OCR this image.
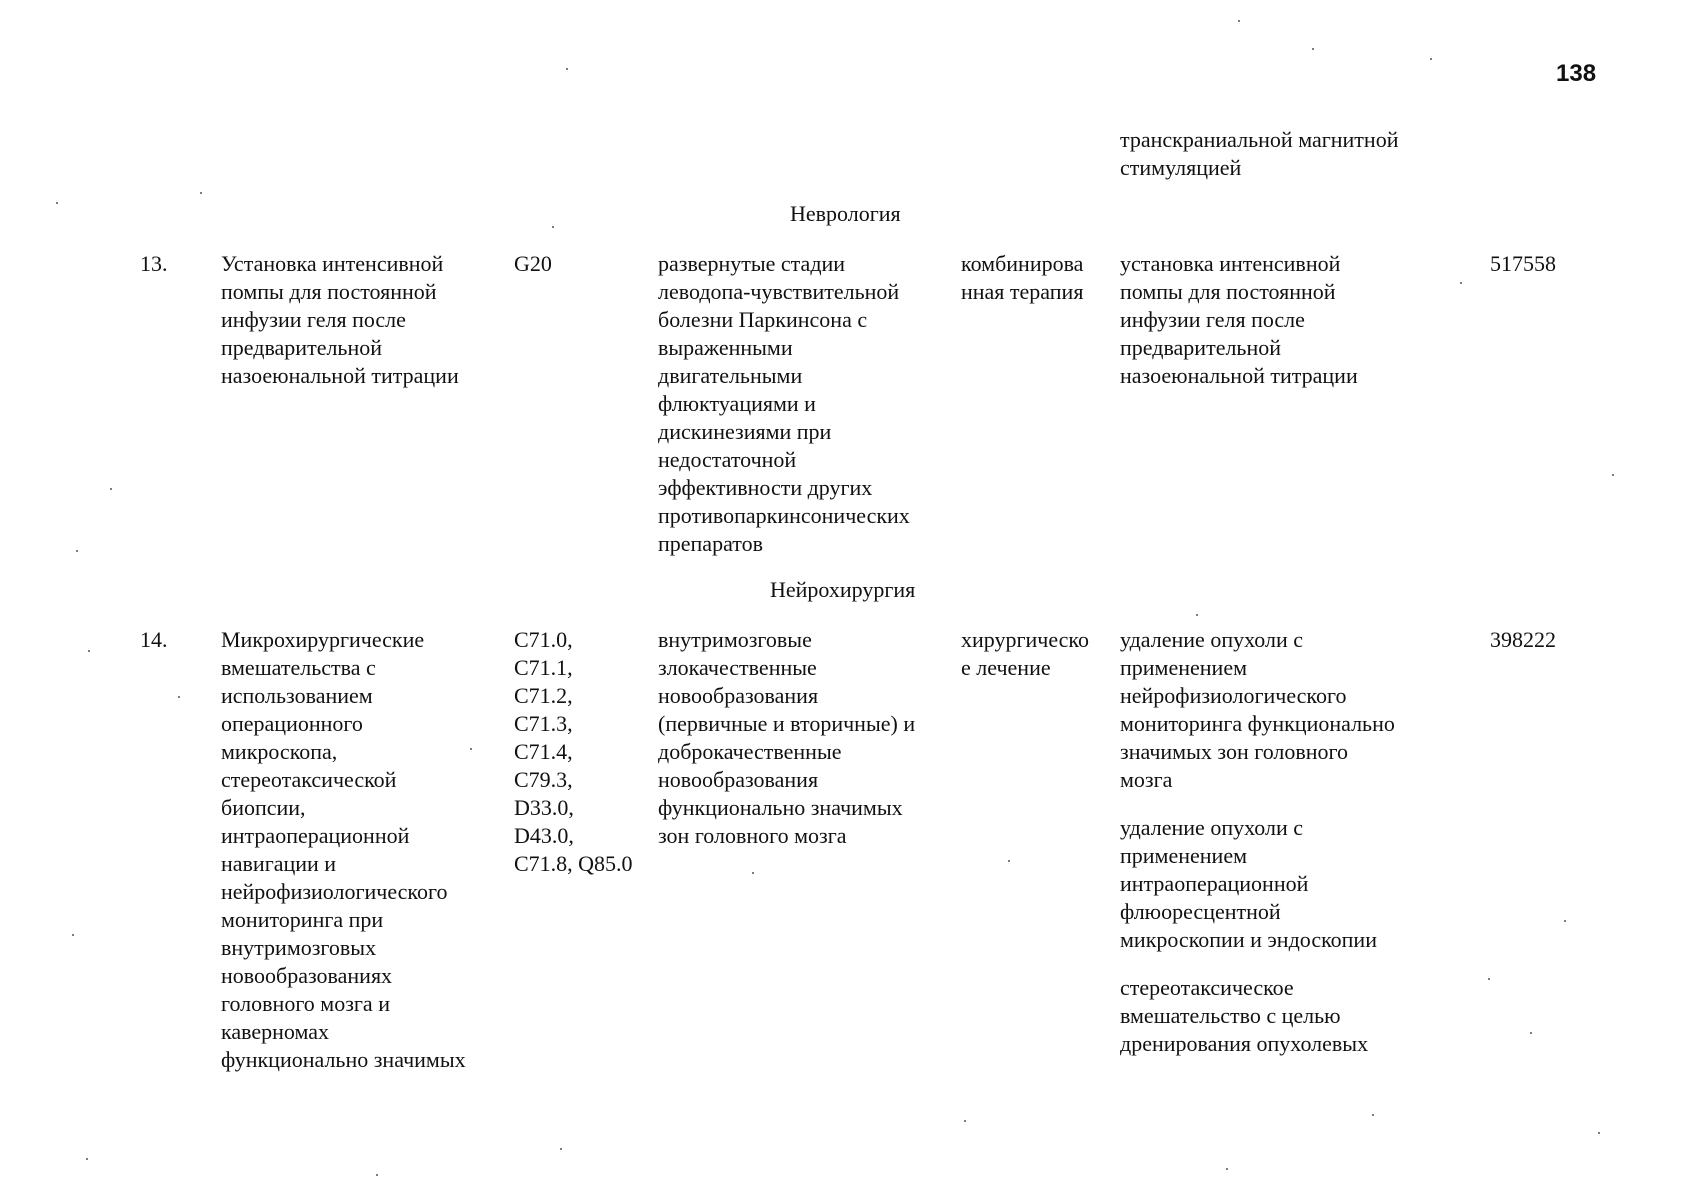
138
транскраниальной магнитной
стимуляцией
Неврология
13. Установка интенсивной
помпы для постоянной
инфузии геля после
предварительной
назоеюнальной титрации
G20	развернутые стадии
леводопа-чувствительной
болезни Паркинсона с
выраженными
двигательными
флюктуациями и
дискинезиями при
недостаточной
эффективности других
противопаркинсонических
препаратов
комбинирова
нная терапия
установка интенсивной
помпы для постоянной
инфузии геля после
предварительной
назоеюнальной титрации
517558
Нейрохирургия
14. Микрохирургические
вмешательства с
использованием
операционного
микроскопа,
стереотаксической
биопсии,
интраоперационной
навигации и
нейрофизиологического
мониторинга при
внутримозговых
новообразованиях
головного мозга и
каверномах
функционально значимых
C71.0,
C71.1,
C71.2,
C71.3,
C71.4,
C79.3,
D33.0,
D43.0,
C71.8, Q85.0
внутримозговые
злокачественные
новообразования
(первичные и вторичные) и
доброкачественные
новообразования
функционально значимых
зон головного мозга
хирургическо
е лечение
удаление опухоли с
применением
нейрофизиологического
мониторинга функционально
значимых зон головного
мозга
удаление опухоли с
применением
интраоперационной
флюоресцентной
микроскопии и эндоскопии
стереотаксическое
вмешательство с целью
дренирования опухолевых
398222
